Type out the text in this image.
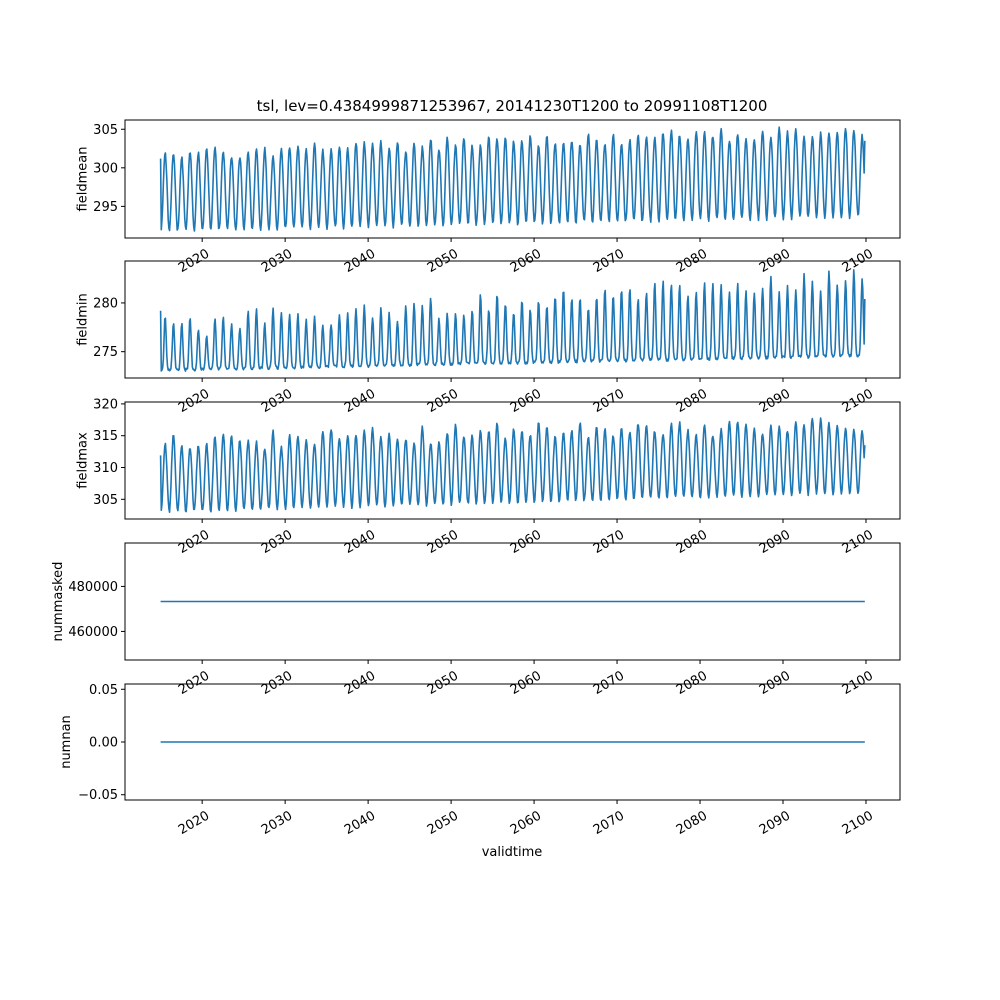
tsl, lev=0.4384999871253967, 20141230T1200 to 20991108T1200
295
300
305
2020	2030	2040	2050	2060	2070	2080	2090	2100
fieldmean
275
280
2020	2030	2040	2050	2060	2070	2080	2090	2100
fieldmin
305
310
315
320
2020	2030	2040	2050	2060	2070	2080	2090	2100
fieldmax
460000
480000
2020	2030	2040	2050	2060	2070	2080	2090	2100
nummasked
−0.05
0.00
0.05
2020	2030	2040	2050	2060	2070	2080	2090	2100
numnan
validtime
